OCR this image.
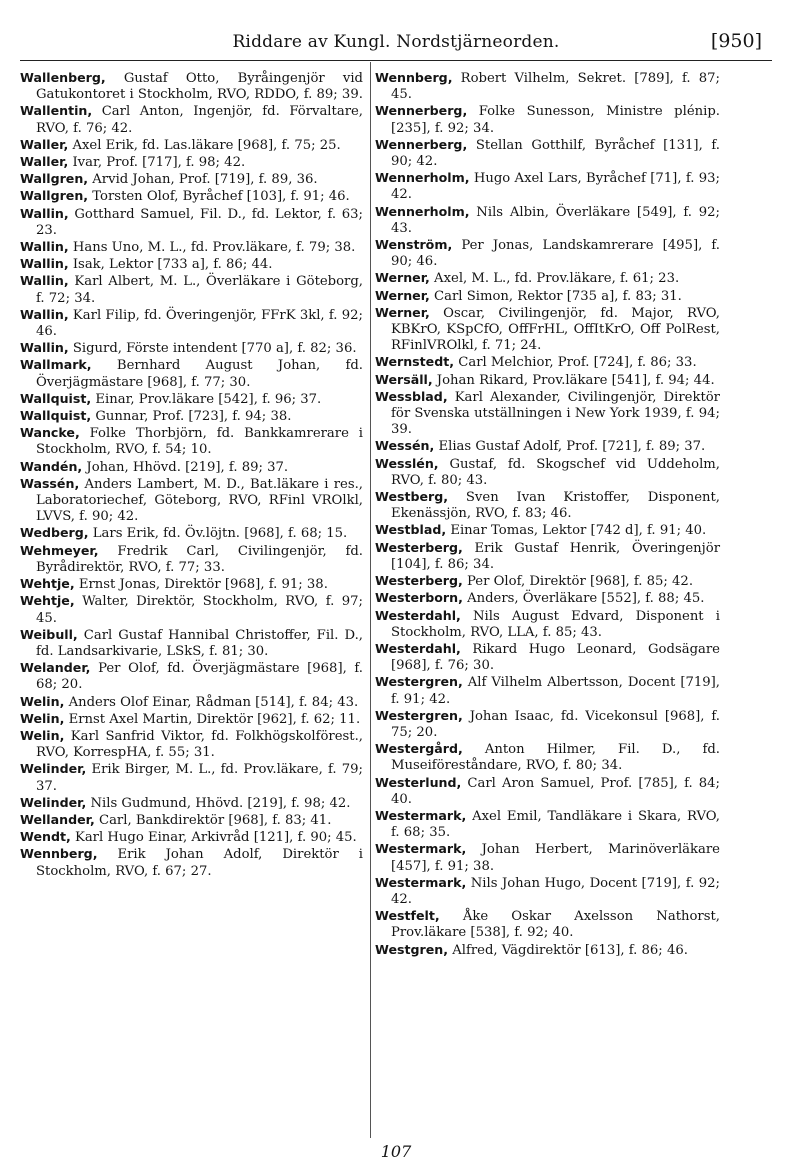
Riddare av Kungl. Nordstjärneorden.	[950]

Wallenberg, Gustaf Otto, Byråingenjör vid Gatukontoret i Stockholm, RVO, RDDO, f. 89; 39.

Wallentin, Carl Anton, Ingenjör, fd. Förvaltare, RVO, f. 76; 42.

Waller, Axel Erik, fd. Las.läkare [968], f. 75; 25.

Waller, Ivar, Prof. [717], f. 98; 42.

Wallgren, Arvid Johan, Prof. [719], f. 89, 36.

Wallgren, Torsten Olof, Byråchef [103], f. 91; 46.

Wallin, Gotthard Samuel, Fil. D., fd. Lektor, f. 63; 23.

Wallin, Hans Uno, M. L., fd. Prov.läkare, f. 79; 38.

Wallin, Isak, Lektor [733 a], f. 86; 44.

Wallin, Karl Albert, M. L., Överläkare i Göteborg, f. 72; 34.

Wallin, Karl Filip, fd. Överingenjör, FFrK 3kl, f. 92; 46.

Wallin, Sigurd, Förste intendent [770 a], f. 82; 36.

Wallmark, Bernhard August Johan, fd. Överjägmästare [968], f. 77; 30.

Wallquist, Einar, Prov.läkare [542], f. 96; 37.

Wallquist, Gunnar, Prof. [723], f. 94; 38.

Wancke, Folke Thorbjörn, fd. Bankkamrerare i Stockholm, RVO, f. 54; 10.

Wandén, Johan, Hhövd. [219], f. 89; 37.

Wassén, Anders Lambert, M. D., Bat.läkare i res., Laboratoriechef, Göteborg, RVO, RFinl VROlkl, LVVS, f. 90; 42.

Wedberg, Lars Erik, fd. Öv.löjtn. [968], f. 68; 15.

Wehmeyer, Fredrik Carl, Civilingenjör, fd. Byrådirektör, RVO, f. 77; 33.

Wehtje, Ernst Jonas, Direktör [968], f. 91; 38.

Wehtje, Walter, Direktör, Stockholm, RVO, f. 97; 45.

Weibull, Carl Gustaf Hannibal Christoffer, Fil. D., fd. Landsarkivarie, LSkS, f. 81; 30.

Welander, Per Olof, fd. Överjägmästare [968], f. 68; 20.

Welin, Anders Olof Einar, Rådman [514], f. 84; 43.

Welin, Ernst Axel Martin, Direktör [962], f. 62; 11.

Welin, Karl Sanfrid Viktor, fd. Folkhögskolförest., RVO, KorrespHA, f. 55; 31.

Welinder, Erik Birger, M. L., fd. Prov.läkare, f. 79; 37.

Welinder, Nils Gudmund, Hhövd. [219], f. 98; 42.

Wellander, Carl, Bankdirektör [968], f. 83; 41.

Wendt, Karl Hugo Einar, Arkivråd [121], f. 90; 45.

Wennberg, Erik Johan Adolf, Direktör i Stockholm, RVO, f. 67; 27.

Wennberg, Robert Vilhelm, Sekret. [789], f. 87; 45.

Wennerberg, Folke Sunesson, Ministre plénip. [235], f. 92; 34.

Wennerberg, Stellan Gotthilf, Byråchef [131], f. 90; 42.

Wennerholm, Hugo Axel Lars, Byråchef [71], f. 93; 42.

Wennerholm, Nils Albin, Överläkare [549], f. 92; 43.

Wenström, Per Jonas, Landskamrerare [495], f. 90; 46.

Werner, Axel, M. L., fd. Prov.läkare, f. 61; 23.

Werner, Carl Simon, Rektor [735 a], f. 83; 31.

Werner, Oscar, Civilingenjör, fd. Major, RVO, KBKrO, KSpCfO, OffFrHL, OffItKrO, Off PolRest, RFinlVROlkl, f. 71; 24.

Wernstedt, Carl Melchior, Prof. [724], f. 86; 33.

Wersäll, Johan Rikard, Prov.läkare [541], f. 94; 44.

Wessblad, Karl Alexander, Civilingenjör, Direktör för Svenska utställningen i New York 1939, f. 94; 39.

Wessén, Elias Gustaf Adolf, Prof. [721], f. 89; 37.

Wesslén, Gustaf, fd. Skogschef vid Uddeholm, RVO, f. 80; 43.

Westberg, Sven Ivan Kristoffer, Disponent, Ekenässjön, RVO, f. 83; 46.

Westblad, Einar Tomas, Lektor [742 d], f. 91; 40.

Westerberg, Erik Gustaf Henrik, Överingenjör [104], f. 86; 34.

Westerberg, Per Olof, Direktör [968], f. 85; 42.

Westerborn, Anders, Överläkare [552], f. 88; 45.

Westerdahl, Nils August Edvard, Disponent i Stockholm, RVO, LLA, f. 85; 43.

Westerdahl, Rikard Hugo Leonard, Godsägare [968], f. 76; 30.

Westergren, Alf Vilhelm Albertsson, Docent [719], f. 91; 42.

Westergren, Johan Isaac, fd. Vicekonsul [968], f. 75; 20.

Westergård, Anton Hilmer, Fil. D., fd. Museiföreståndare, RVO, f. 80; 34.

Westerlund, Carl Aron Samuel, Prof. [785], f. 84; 40.

Westermark, Axel Emil, Tandläkare i Skara, RVO, f. 68; 35.

Westermark, Johan Herbert, Marinöverläkare [457], f. 91; 38.

Westermark, Nils Johan Hugo, Docent [719], f. 92; 42.

Westfelt, Åke Oskar Axelsson Nathorst, Prov.läkare [538], f. 92; 40.

Westgren, Alfred, Vägdirektör [613], f. 86; 46.

107
